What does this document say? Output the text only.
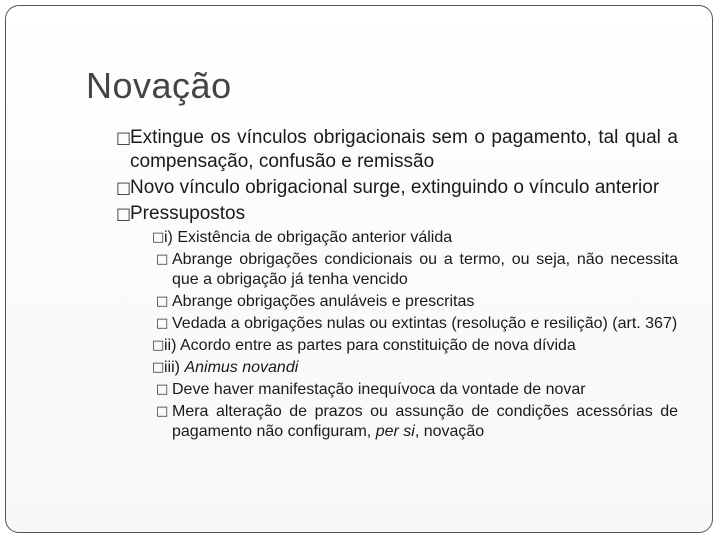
Novação
□
Extingue os vínculos obrigacionais sem o pagamento, tal qual a compensação, confusão e remissão
□
Novo vínculo obrigacional surge, extinguindo o vínculo anterior
□
Pressupostos
□ i) Existência de obrigação anterior válida
□ Abrange obrigações condicionais ou a termo, ou seja, não necessita que a obrigação já tenha vencido
□ Abrange obrigações anuláveis e prescritas
□ Vedada a obrigações nulas ou extintas (resolução e resilição) (art. 367)
□ ii) Acordo entre as partes para constituição de nova dívida
□ iii) Animus novandi
□ Deve haver manifestação inequívoca da vontade de novar
□ Mera alteração de prazos ou assunção de condições acessórias de pagamento não configuram, per si, novação
